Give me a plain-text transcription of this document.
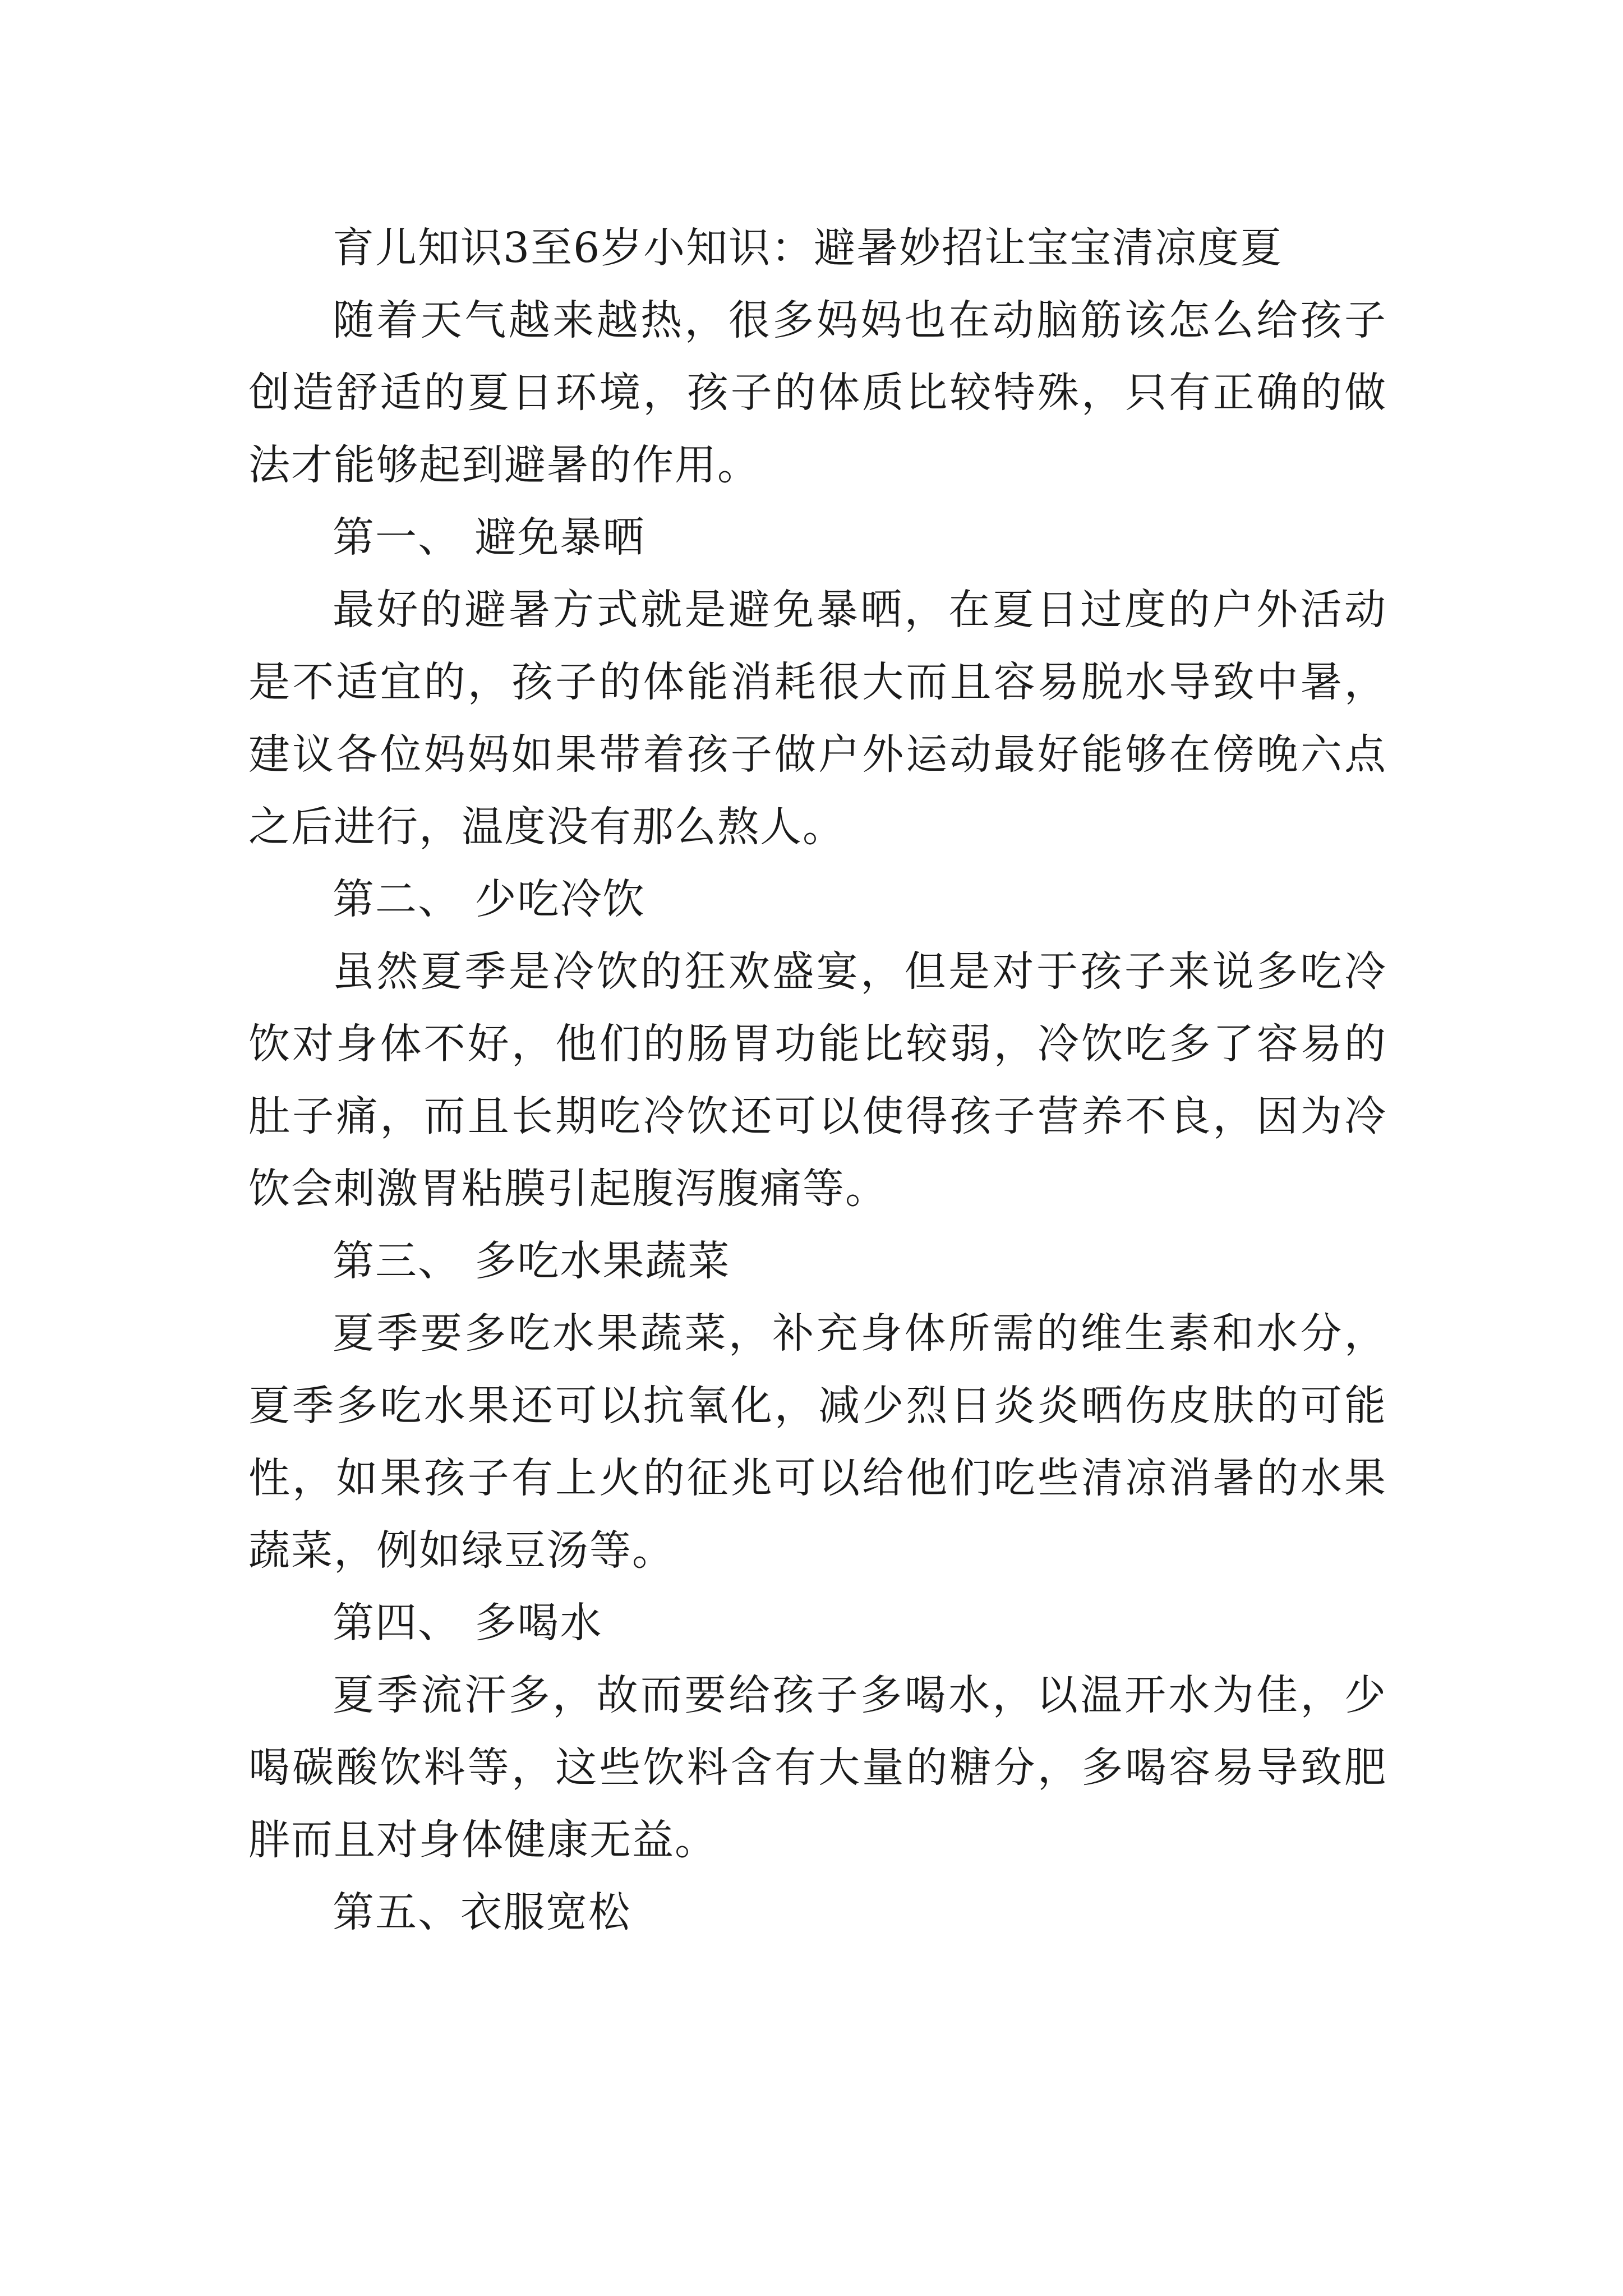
育儿知识3至6岁小知识：避暑妙招让宝宝清凉度夏

随着天气越来越热，很多妈妈也在动脑筋该怎么给孩子创造舒适的夏日环境，孩子的体质比较特殊，只有正确的做法才能够起到避暑的作用。

第一、 避免暴晒

最好的避暑方式就是避免暴晒，在夏日过度的户外活动是不适宜的，孩子的体能消耗很大而且容易脱水导致中暑，建议各位妈妈如果带着孩子做户外运动最好能够在傍晚六点之后进行，温度没有那么熬人。

第二、 少吃冷饮

虽然夏季是冷饮的狂欢盛宴，但是对于孩子来说多吃冷饮对身体不好，他们的肠胃功能比较弱，冷饮吃多了容易的肚子痛，而且长期吃冷饮还可以使得孩子营养不良，因为冷饮会刺激胃粘膜引起腹泻腹痛等。

第三、 多吃水果蔬菜

夏季要多吃水果蔬菜，补充身体所需的维生素和水分，夏季多吃水果还可以抗氧化，减少烈日炎炎晒伤皮肤的可能性，如果孩子有上火的征兆可以给他们吃些清凉消暑的水果蔬菜，例如绿豆汤等。

第四、 多喝水

夏季流汗多，故而要给孩子多喝水，以温开水为佳，少喝碳酸饮料等，这些饮料含有大量的糖分，多喝容易导致肥胖而且对身体健康无益。

第五、衣服宽松
